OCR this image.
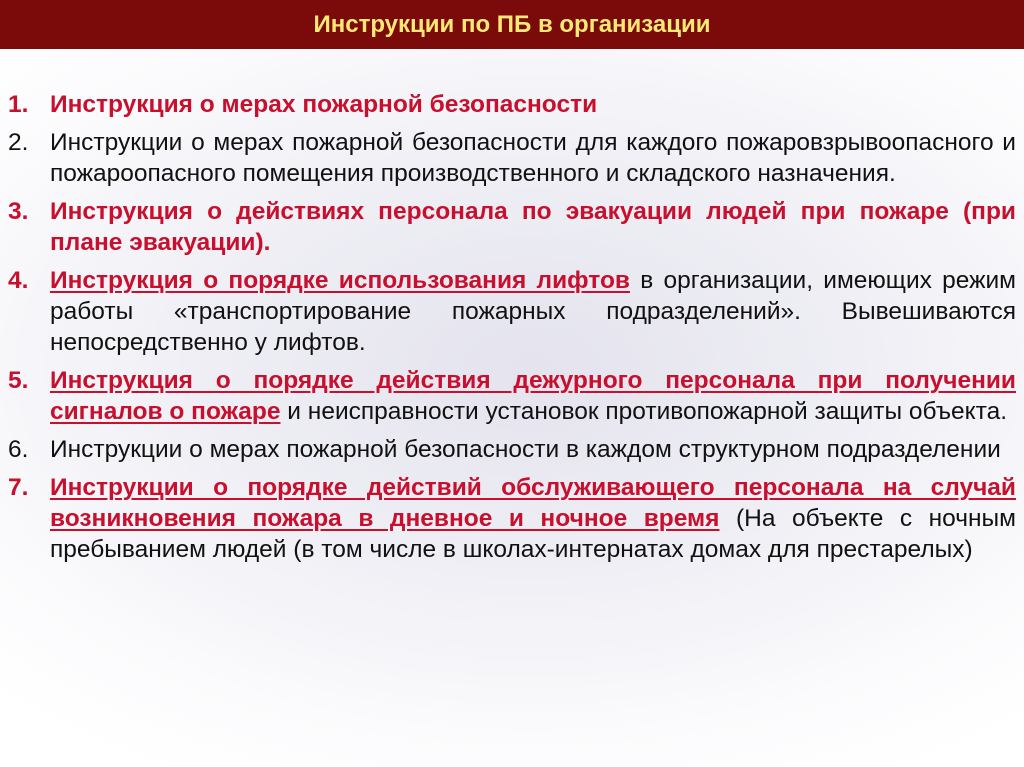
Инструкции по ПБ в организации
1. Инструкция о мерах пожарной безопасности
2. Инструкции о мерах пожарной безопасности для каждого пожаровзрывоопасного и пожароопасного помещения производственного и складского назначения.
3. Инструкция о действиях персонала по эвакуации людей при пожаре (при плане эвакуации).
4. Инструкция о порядке использования лифтов в организации, имеющих режим работы «транспортирование пожарных подразделений». Вывешиваются непосредственно у лифтов.
5. Инструкция о порядке действия дежурного персонала при получении сигналов о пожаре и неисправности установок противопожарной защиты объекта.
6. Инструкции о мерах пожарной безопасности в каждом структурном подразделении
7. Инструкции о порядке действий обслуживающего персонала на случай возникновения пожара в дневное и ночное время (На объекте с ночным пребыванием людей (в том числе в школах-интернатах домах для престарелых)
